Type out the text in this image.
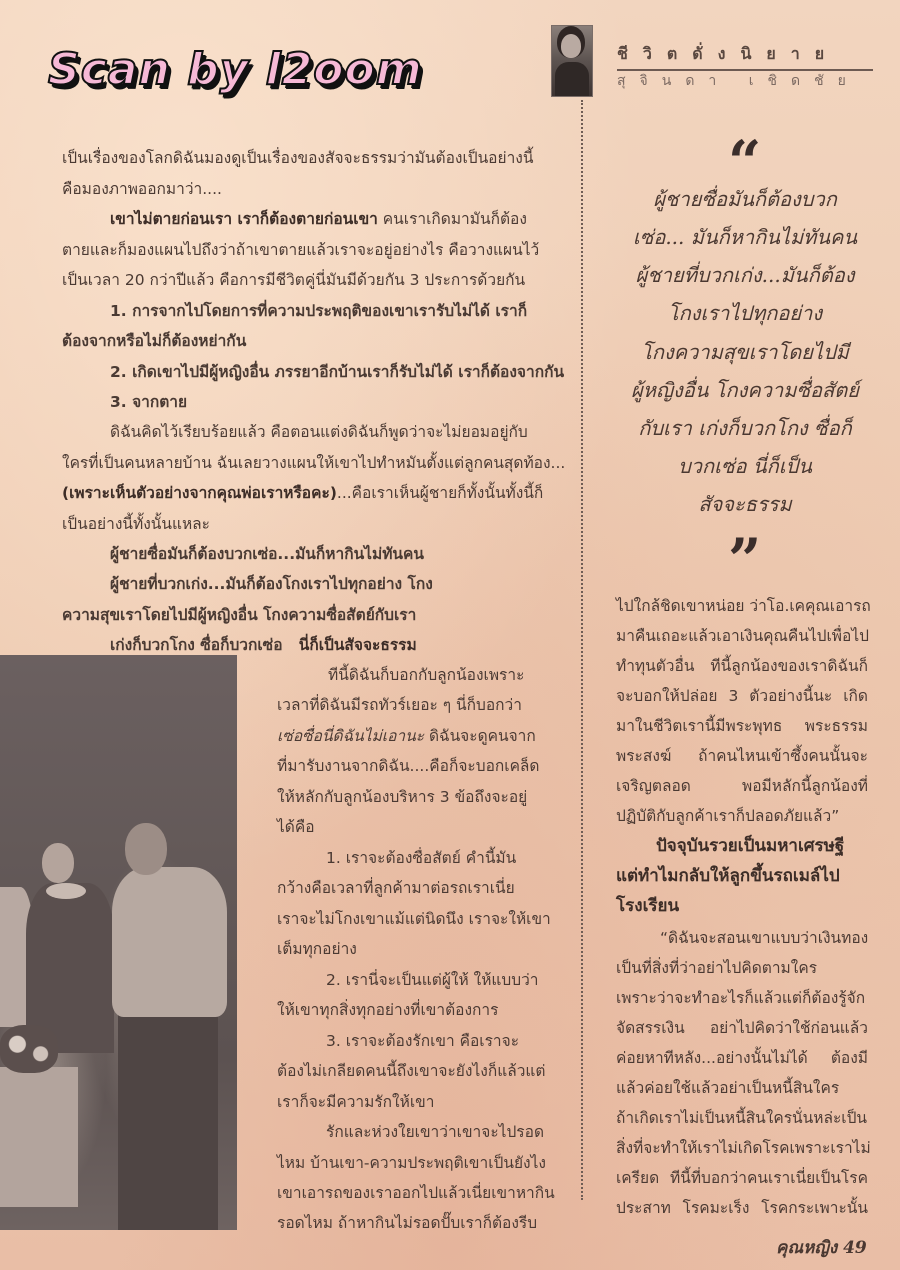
Scan by l2oom	ชีวิตดั่งนิยาย
สุจินดา เชิดชัย
เป็นเรื่องของโลกดิฉันมองดูเป็นเรื่องของสัจจะธรรมว่ามันต้องเป็นอย่างนี้
คือมองภาพออกมาว่า....
เขาไม่ตายก่อนเรา เราก็ต้องตายก่อนเขา คนเราเกิดมามันก็ต้อง
ตายและก็มองแผนไปถึงว่าถ้าเขาตายแล้วเราจะอยู่อย่างไร คือวางแผนไว้
เป็นเวลา 20 กว่าปีแล้ว คือการมีชีวิตคู่นี่มันมีด้วยกัน 3 ประการด้วยกัน
1. การจากไปโดยการที่ความประพฤติของเขาเรารับไม่ได้ เราก็
ต้องจากหรือไม่ก็ต้องหย่ากัน
2. เกิดเขาไปมีผู้หญิงอื่น ภรรยาอีกบ้านเราก็รับไม่ได้ เราก็ต้องจากกัน
3. จากตาย
ดิฉันคิดไว้เรียบร้อยแล้ว คือตอนแต่งดิฉันก็พูดว่าจะไม่ยอมอยู่กับ
ใครที่เป็นคนหลายบ้าน ฉันเลยวางแผนให้เขาไปทำหมันตั้งแต่ลูกคนสุดท้อง...
(เพราะเห็นตัวอย่างจากคุณพ่อเราหรือคะ)...คือเราเห็นผู้ชายก็ทั้งนั้นทั้งนี้ก็
เป็นอย่างนี้ทั้งนั้นแหละ
ผู้ชายซื่อมันก็ต้องบวกเซ่อ...มันก็หากินไม่ทันคน
ผู้ชายที่บวกเก่ง...มันก็ต้องโกงเราไปทุกอย่าง โกง
ความสุขเราโดยไปมีผู้หญิงอื่น โกงความซื่อสัตย์กับเรา
เก่งก็บวกโกง ซื่อก็บวกเซ่อ นี่ก็เป็นสัจจะธรรม
ทีนี้ดิฉันก็บอกกับลูกน้องเพราะ
เวลาที่ดิฉันมีรถทัวร์เยอะ ๆ นี่ก็บอกว่า
เซ่อซื่อนี่ดิฉันไม่เอานะ ดิฉันจะดูคนจาก
ที่มารับงานจากดิฉัน....คือก็จะบอกเคล็ด
ให้หลักกับลูกน้องบริหาร 3 ข้อถึงจะอยู่
ได้คือ
1. เราจะต้องซื่อสัตย์ คำนี้มัน
กว้างคือเวลาที่ลูกค้ามาต่อรถเราเนี่ย
เราจะไม่โกงเขาแม้แต่นิดนึง เราจะให้เขา
เต็มทุกอย่าง
2. เรานี่จะเป็นแต่ผู้ให้ ให้แบบว่า
ให้เขาทุกสิ่งทุกอย่างที่เขาต้องการ
3. เราจะต้องรักเขา คือเราจะ
ต้องไม่เกลียดคนนี้ถึงเขาจะยังไงก็แล้วแต่
เราก็จะมีความรักให้เขา
รักและห่วงใยเขาว่าเขาจะไปรอด
ไหม บ้านเขา-ความประพฤติเขาเป็นยังไง
เขาเอารถของเราออกไปแล้วเนี่ยเขาหากิน
รอดไหม ถ้าหากินไม่รอดปั๊บเราก็ต้องรีบ
“
ผู้ชายซื่อมันก็ต้องบวก
เซ่อ... มันก็หากินไม่ทันคน
ผู้ชายที่บวกเก่ง...มันก็ต้อง
โกงเราไปทุกอย่าง
โกงความสุขเราโดยไปมี
ผู้หญิงอื่น โกงความซื่อสัตย์
กับเรา เก่งก็บวกโกง ซื่อก็
บวกเซ่อ นี่ก็เป็น
สัจจะธรรม
”
ไปใกล้ชิดเขาหน่อย ว่าโอ.เคคุณเอารถ
มาคืนเถอะแล้วเอาเงินคุณคืนไปเพื่อไป
ทำทุนตัวอื่น ทีนี้ลูกน้องของเราดิฉันก็
จะบอกให้ปล่อย 3 ตัวอย่างนี้นะ เกิด
มาในชีวิตเรานี้มีพระพุทธ พระธรรม
พระสงฆ์ ถ้าคนไหนเข้าซึ้งคนนั้นจะ
เจริญตลอด พอมีหลักนี้ลูกน้องที่
ปฏิบัติกับลูกค้าเราก็ปลอดภัยแล้ว”
ปัจจุบันรวยเป็นมหาเศรษฐี
แต่ทำไมกลับให้ลูกขึ้นรถเมล์ไป
โรงเรียน
“ดิฉันจะสอนเขาแบบว่าเงินทอง
เป็นที่สิ่งที่ว่าอย่าไปคิดตามใคร
เพราะว่าจะทำอะไรก็แล้วแต่ก็ต้องรู้จัก
จัดสรรเงิน อย่าไปคิดว่าใช้ก่อนแล้ว
ค่อยหาทีหลัง...อย่างนั้นไม่ได้ ต้องมี
แล้วค่อยใช้แล้วอย่าเป็นหนี้สินใคร
ถ้าเกิดเราไม่เป็นหนี้สินใครนั่นหล่ะเป็น
สิ่งที่จะทำให้เราไม่เกิดโรคเพราะเราไม่
เครียด ทีนี้ที่บอกว่าคนเราเนี่ยเป็นโรค
ประสาท โรคมะเร็ง โรคกระเพาะนั้น
คุณหญิง 49
